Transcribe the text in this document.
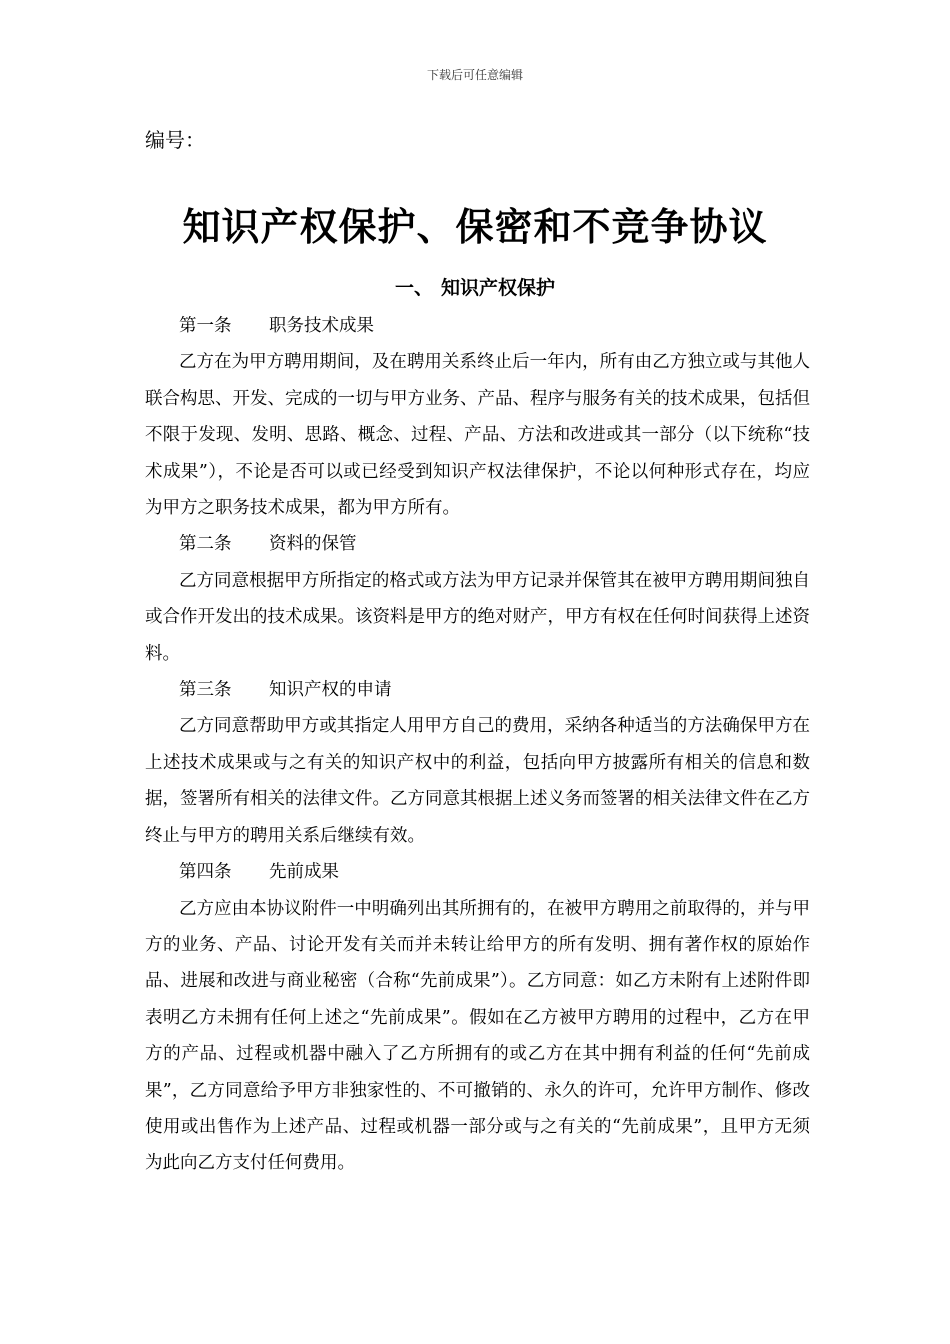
下载后可任意编辑
编号：
知识产权保护、保密和不竞争协议
一、 知识产权保护
第一条 职务技术成果

乙方在为甲方聘用期间，及在聘用关系终止后一年内，所有由乙方独立或与其他人联合构思、开发、完成的一切与甲方业务、产品、程序与服务有关的技术成果，包括但不限于发现、发明、思路、概念、过程、产品、方法和改进或其一部分（以下统称“技术成果”），不论是否可以或已经受到知识产权法律保护，不论以何种形式存在，均应为甲方之职务技术成果，都为甲方所有。

第二条 资料的保管

乙方同意根据甲方所指定的格式或方法为甲方记录并保管其在被甲方聘用期间独自或合作开发出的技术成果。该资料是甲方的绝对财产，甲方有权在任何时间获得上述资料。

第三条 知识产权的申请

乙方同意帮助甲方或其指定人用甲方自己的费用，采纳各种适当的方法确保甲方在上述技术成果或与之有关的知识产权中的利益，包括向甲方披露所有相关的信息和数据，签署所有相关的法律文件。乙方同意其根据上述义务而签署的相关法律文件在乙方终止与甲方的聘用关系后继续有效。

第四条 先前成果

乙方应由本协议附件一中明确列出其所拥有的，在被甲方聘用之前取得的，并与甲方的业务、产品、讨论开发有关而并未转让给甲方的所有发明、拥有著作权的原始作品、进展和改进与商业秘密（合称“先前成果”）。乙方同意：如乙方未附有上述附件即表明乙方未拥有任何上述之“先前成果”。假如在乙方被甲方聘用的过程中，乙方在甲方的产品、过程或机器中融入了乙方所拥有的或乙方在其中拥有利益的任何“先前成果”，乙方同意给予甲方非独家性的、不可撤销的、永久的许可，允许甲方制作、修改使用或出售作为上述产品、过程或机器一部分或与之有关的“先前成果”，且甲方无须为此向乙方支付任何费用。
